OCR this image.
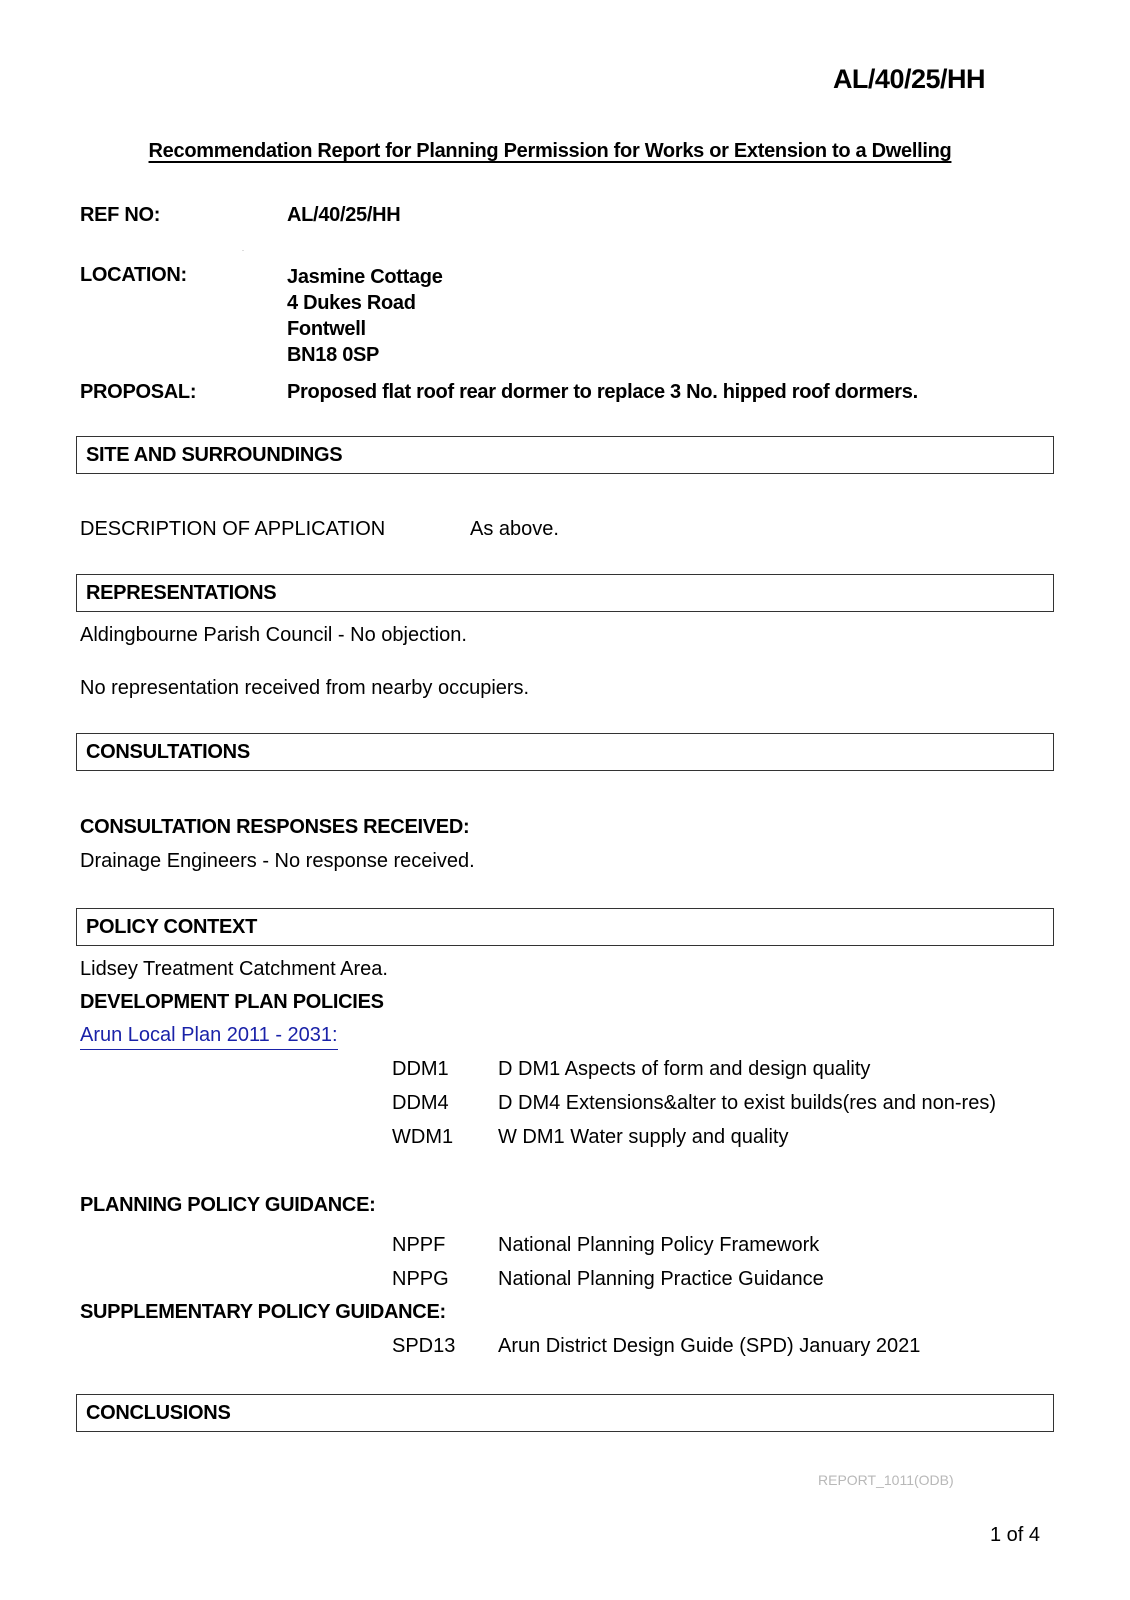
AL/40/25/HH
Recommendation Report for Planning Permission for Works or Extension to a Dwelling
REF NO:	AL/40/25/HH
LOCATION:	Jasmine Cottage
4 Dukes Road
Fontwell
BN18 0SP
PROPOSAL:	Proposed flat roof rear dormer to replace 3 No. hipped roof dormers.
SITE AND SURROUNDINGS
DESCRIPTION OF APPLICATION	As above.
REPRESENTATIONS
Aldingbourne Parish Council - No objection.
No representation received from nearby occupiers.
CONSULTATIONS
CONSULTATION RESPONSES RECEIVED:
Drainage Engineers - No response received.
POLICY CONTEXT
Lidsey Treatment Catchment Area.
DEVELOPMENT PLAN POLICIES
Arun Local Plan 2011 - 2031:
DDM1 D DM1 Aspects of form and design quality
DDM4 D DM4 Extensions&alter to exist builds(res and non-res)
WDM1 W DM1 Water supply and quality
PLANNING POLICY GUIDANCE:
NPPF	National Planning Policy Framework
NPPG National Planning Practice Guidance
SUPPLEMENTARY POLICY GUIDANCE:
SPD13 Arun District Design Guide (SPD) January 2021
CONCLUSIONS
REPORT_1011(ODB)
1 of 4
